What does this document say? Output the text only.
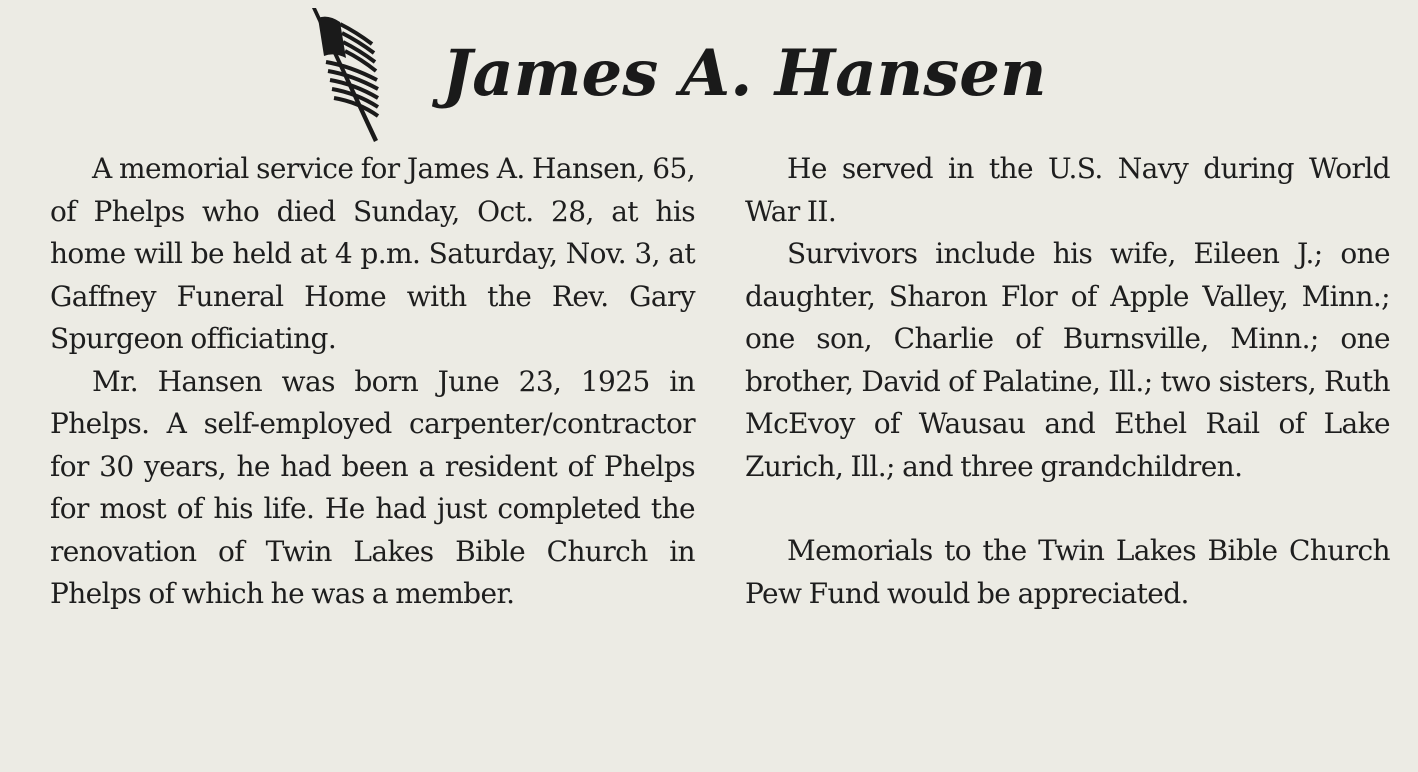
James A. Hansen

A memorial service for James A. Hansen, 65, of Phelps who died Sunday, Oct. 28, at his home will be held at 4 p.m. Saturday, Nov. 3, at Gaffney Funeral Home with the Rev. Gary Spurgeon officiating.

Mr. Hansen was born June 23, 1925 in Phelps. A self-employed carpenter/contractor for 30 years, he had been a resident of Phelps for most of his life. He had just completed the renovation of Twin Lakes Bible Church in Phelps of which he was a member.

He served in the U.S. Navy during World War II.

Survivors include his wife, Eileen J.; one daughter, Sharon Flor of Apple Valley, Minn.; one son, Charlie of Burnsville, Minn.; one brother, David of Palatine, Ill.; two sisters, Ruth McEvoy of Wausau and Ethel Rail of Lake Zurich, Ill.; and three grandchildren.

Memorials to the Twin Lakes Bible Church Pew Fund would be appreciated.
